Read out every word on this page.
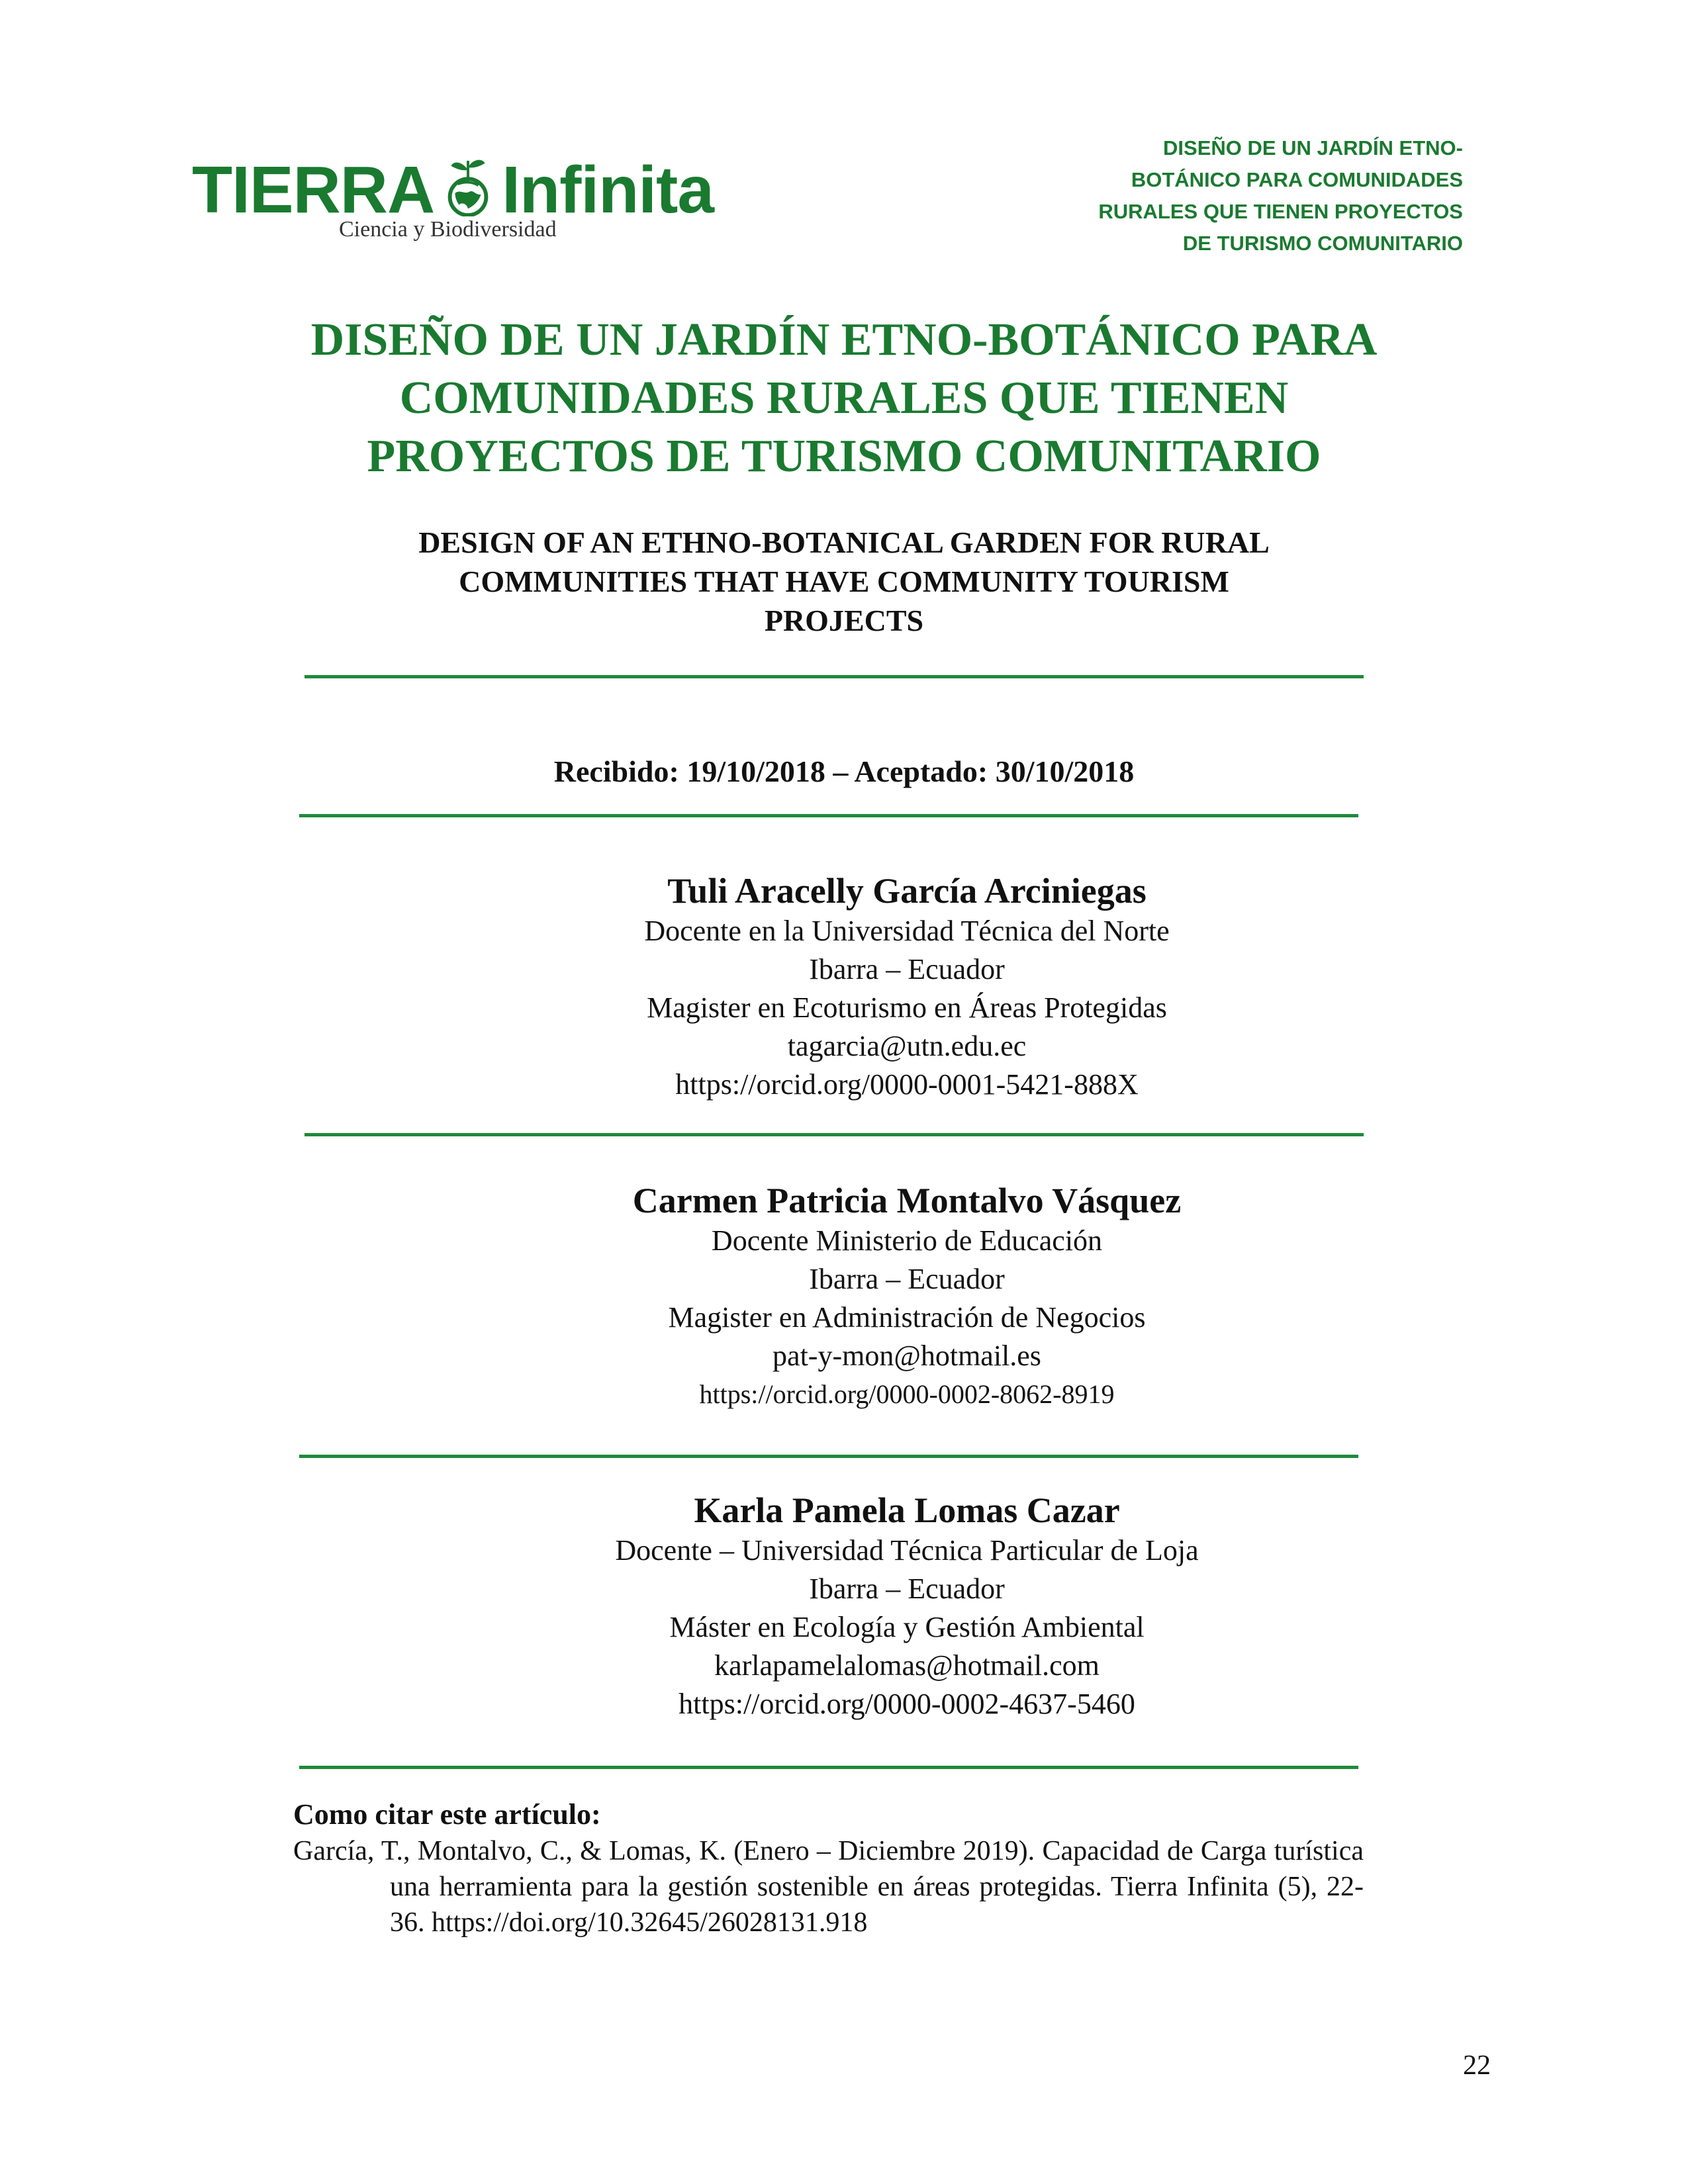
TIERRA Infinita
Ciencia y Biodiversidad
DISEÑO DE UN JARDÍN ETNO-
BOTÁNICO PARA COMUNIDADES
RURALES QUE TIENEN PROYECTOS
DE TURISMO COMUNITARIO
DISEÑO DE UN JARDÍN ETNO-BOTÁNICO PARA
COMUNIDADES RURALES QUE TIENEN
PROYECTOS DE TURISMO COMUNITARIO
DESIGN OF AN ETHNO-BOTANICAL GARDEN FOR RURAL
COMMUNITIES THAT HAVE COMMUNITY TOURISM
PROJECTS
Recibido: 19/10/2018 – Aceptado: 30/10/2018
Tuli Aracelly García Arciniegas
Docente en la Universidad Técnica del Norte
Ibarra – Ecuador
Magister en Ecoturismo en Áreas Protegidas
tagarcia@utn.edu.ec
https://orcid.org/0000-0001-5421-888X
Carmen Patricia Montalvo Vásquez
Docente Ministerio de Educación
Ibarra – Ecuador
Magister en Administración de Negocios
pat-y-mon@hotmail.es
https://orcid.org/0000-0002-8062-8919
Karla Pamela Lomas Cazar
Docente – Universidad Técnica Particular de Loja
Ibarra – Ecuador
Máster en Ecología y Gestión Ambiental
karlapamelalomas@hotmail.com
https://orcid.org/0000-0002-4637-5460
Como citar este artículo:
García, T., Montalvo, C., & Lomas, K. (Enero – Diciembre 2019). Capacidad de Carga turística una herramienta para la gestión sostenible en áreas protegidas. Tierra Infinita (5), 22-36. https://doi.org/10.32645/26028131.918
22
